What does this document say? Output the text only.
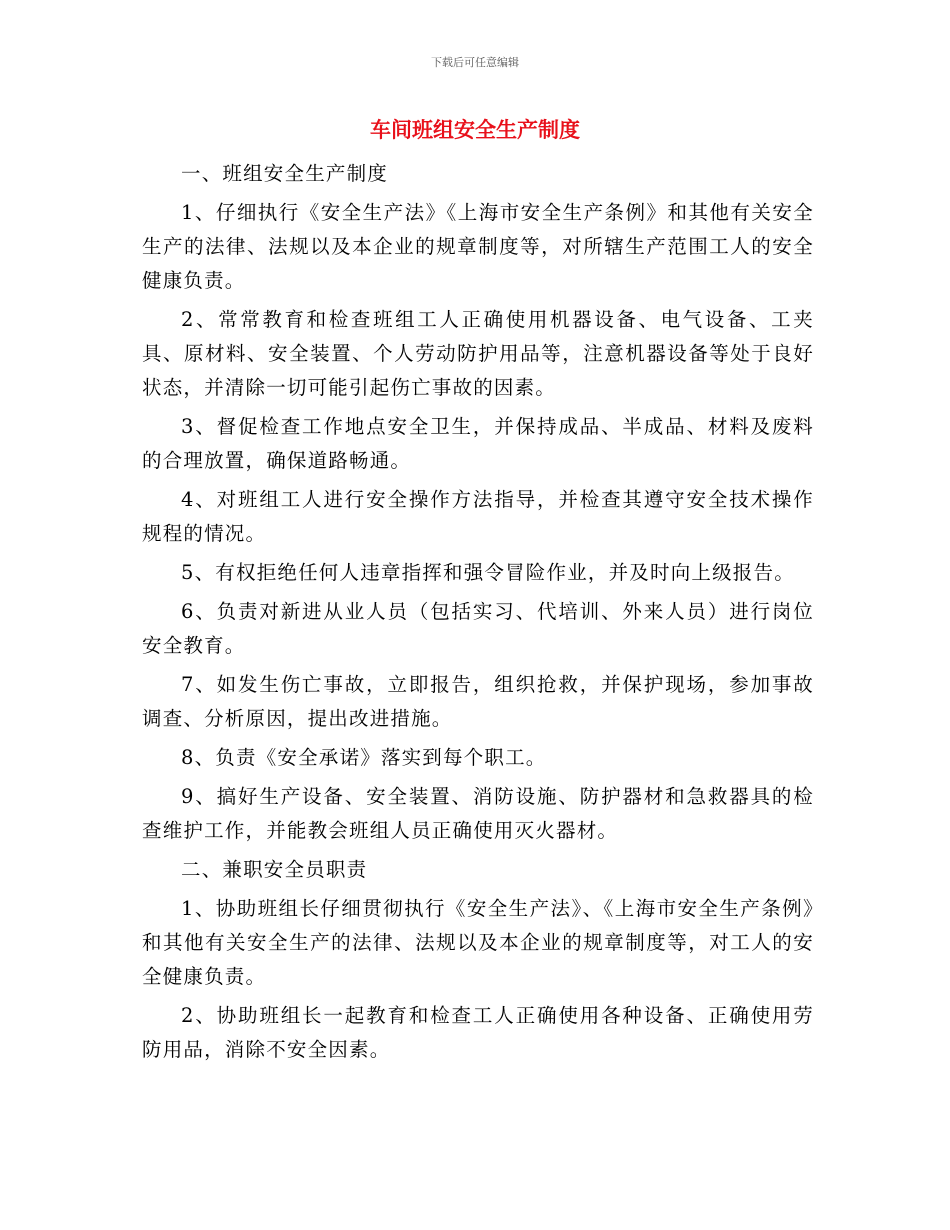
下载后可任意编辑
车间班组安全生产制度
一、班组安全生产制度

1、仔细执行《安全生产法》《上海市安全生产条例》和其他有关安全生产的法律、法规以及本企业的规章制度等，对所辖生产范围工人的安全健康负责。

2、常常教育和检查班组工人正确使用机器设备、电气设备、工夹具、原材料、安全装置、个人劳动防护用品等，注意机器设备等处于良好状态，并清除一切可能引起伤亡事故的因素。

3、督促检查工作地点安全卫生，并保持成品、半成品、材料及废料的合理放置，确保道路畅通。

4、对班组工人进行安全操作方法指导，并检查其遵守安全技术操作规程的情况。

5、有权拒绝任何人违章指挥和强令冒险作业，并及时向上级报告。

6、负责对新进从业人员（包括实习、代培训、外来人员）进行岗位安全教育。

7、如发生伤亡事故，立即报告，组织抢救，并保护现场，参加事故调查、分析原因，提出改进措施。

8、负责《安全承诺》落实到每个职工。

9、搞好生产设备、安全装置、消防设施、防护器材和急救器具的检查维护工作，并能教会班组人员正确使用灭火器材。

二、兼职安全员职责

1、协助班组长仔细贯彻执行《安全生产法》、《上海市安全生产条例》和其他有关安全生产的法律、法规以及本企业的规章制度等，对工人的安全健康负责。

2、协助班组长一起教育和检查工人正确使用各种设备、正确使用劳防用品，消除不安全因素。
